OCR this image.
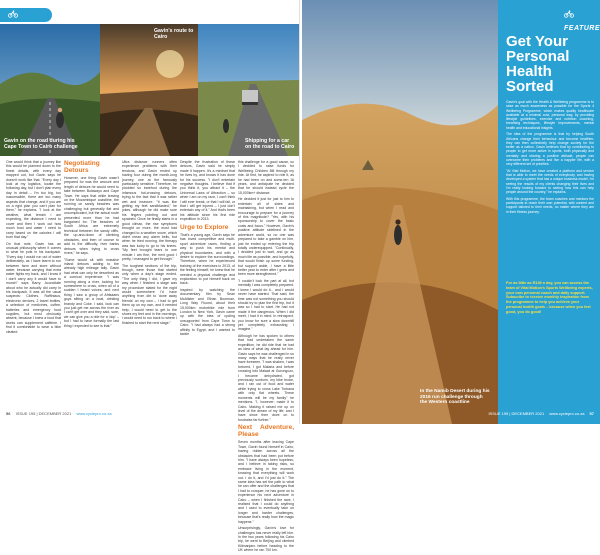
Gavin on the road during his Cape Town to Cairo challenge
Gavin's route to Cairo
Shipping for a car on the road to Cairo

One would think that a journey like this would be planned down to the finest details, with every day mapped out, but Gavin says he doesn't work like that. "Every day I look at my logistics, locate the following day, but I don't plan every day in detail – I'm too big, too inaccessible, there are too many aspects that change, and if you are on a rigid plan you can't plan for them," he explains. "I look at the weather, what terrain I am expecting, the distance I need to cover and then I work out how much food and water I need to carry based on the calories I will burn that day."

On that note, Gavin has an unusual philosophy when it comes to what he puts in his backpack. "Every day I would run out of water deliberately, as I have learnt to run between farm and store without water, because carrying that extra water fights my back, and I know if I don't carry any it would have to munch" says Barry. Aconcitate about who he actually did carry in his backpack. It was all the usual suspects: Clothes, Raffiniaus, electronic devices, 2 travel bottles, a selection of medicines, coffee, batteries and emergency food supplies, but most obviously absent, because I knew a food that works can supplement caffeine. I find it comfortable to wear a bike cleated.

Negotiating Detours

However, one thing Gavin wasn't prepared for was the amount and length of detours he would need to take between Bulawayo and Cape Town. He says that while leaving on the Mozambique coastline, the running on sandy beaches was challenging but generally flat and uncomplicated, but the actual route presented more than he had bargained for. The beaches of South Africa are extremely technical between the sandy cliffs, the up-and-down of climbing obstacles, and then of course to add to the difficulty, river banks detours when trying to cross rivers," he says.

"Some would sit with massive inland detours adding to the already high mileage tally. Gavin had what can only be described as a comical experience. "I was running along a river, looking for somewhere to cross, when all of a sudden I heard voices, and next thing I saw a group of Afrikaans guys sitting on a boat, drinking brandy and Coke. I said, look can you just get me across the river as I can't get over and they said, sure, we can give you a ride for a 'dop' – but I had to have formally the last thing I expected to see is that."

Ultra distance runners often experience problems with their tendons, and Gavin ended up having four during the month-long journey, one at the famously particularly sensitive. Therefore, he plodded so barefoot during the infamous hot-crossing detours, trying to the fact that it was rather wet and insecure. "It was like getting my feet sandblasted," he jokes, although he did make sure his fingers pointing out and sprained. Once he finally starts in a good climax, the rise symptoms brought on more, the most had changed to a weather snore, which didn't mean any alarm bells, but when he tried running, the therapy was two lucky to go to his knees. "My feet brought tears to one minute I am fine, the next good I pretty, I managed to get through."

The toughest sections of the trip, though, were those that started only when a day's stage ended. "The only thing I did, I gave my way when I finished a stage was my procedure stated for the night would somewhere I'd have anything from dirt to 'done away friends' on my own – I had to get them up on my own, and it needed help, I would need to get to the shoes my feet and in the mornings, I would need to run back to where I finished to start the next stage."

Despite the frustration of these detours, Gavin said he simply made it happen. It's a mindset that he lives by, and knows it has done for his success. "I don't entertain negative thoughts. I believe that if you think it, you attract it – the Universal Laws of Attraction – so when I am on my race, I can't think I will ever break, or that I will fail, or that I will get injured – I just don't entertain any of it." And that's been his attitude since his first ride expedition in 2013.

Urge to Explore

That's a young age, Gavin says he has loved competitive and multi-sport adventure races, finding a way to push his mental and physical boundaries, and with a desire to explore the surroundings. Therefore, when he experienced training of the exercises in 2013, of the feeling himself, he knew that he needed a physical challenge and exploration to put himself back on track.

Inspired by watching the documentary film by Sean McAlister and Ethan Boorman, Long Way Round, about their 15,000km motorbike ride from London to New York, Gavin came up with the idea of cycling unsupported from Cape Town to Cairo. "I had always had a strong affinity to Egypt, and I wanted to tackle

this challenge for a good cause, so I decided to raise funds for Wellbeing Children Bill through my ride. At first, he aspired to ride it, as he had been on and some-ten 16 years, and anticipate he decided that he should instead cycle the 15,000km+ distance.

He decided it just for just to him to entertain all of sides and maintaining, but when I read and encourage to prepare for a journey of this magnitude? "Yes, with his sponsorship to cover the basic costs and focus." However, Gavin's positive attitude sidelined in the adventure world, so no one was prepared to take a gamble on him, just he ended up entering the trip totally underequipped. "Continually, I decided just to wait, and go as much life as possible, and hopefully, that would finish up some funding, but support aside, I have a little better year to enter after I grew and been more strengthened."

"I couldn't look the part at all, but mentally I was completely prepared. I knew I would do it... and I would never have started. That said, the time was not something you should should try to plan the first trip, but it was so I had to start. He had not made it the dangerous. When I did meet, I had it in mind. In retrospect, you know for sure a slow downhill yet completely exhausting I imagine."

Although he has spoken to others that had undertaken the same expedition, he did ride that he had an idea of what lay ahead for him. Gavin says he was challenged in so many ways that he really never have foreseen. "I was shaken, I was tortured, I got Malaria and before crossing into Malawi at Gorongozo, I became dehydrated, got previously sunburn, my bike broke, and I ran out of food and water while trying to cross Lake Turkana with only flat wheels. These moments will be my family" he mentions. "I, however: made it to Cairo. Making it raised me up on level of the dream of my life, and I have since then dove on to fundraise far further."

Next Adventure, Please

Seven months after leaving Cape Town, Gavin found himself in Cairo, having ridden across all the obstacles that had been put before him. "I have always been hopeless, and I believe in taking risks, so embrace living in the moment, knowing that everything will work out. I do it, and I'd just do it." The same idea has set the path to what he can offer and the challenges that I had to conquer, he has gone on to experience his next adventure in Cairo – when I finished the race, I realised that I could do anything and I used to eventually take on longer and harder challenges, because that's really how the magic happens."

Unsurprisingly, Gavin's love for challenges has never really left him. In the two years following his Cairo trip, he went to Beijing and climbed Kilimanjaro before heading to the UK where he ran 700 km.

56 ISSUE 195 | DECEMBER 2021 www.cyclepro.co.za
In the Namib Desert during his 2016 run challenge through the Western coastline
FEATURE
Get Your Personal Health Sorted

Gavin's goal with the Health & Wellbeing programme is to raise as much awareness as possible for the Sports 4 Wellbeing Programme, which makes quality healthcare available at a minimal cost, personal way, by providing lifestyle guidelines, exercise and nutrition coaching, breathing techniques, lifestyle improvements, mental health and educational insights.

The idea of the programme is that by helping South Africans change their behaviour and become healthier, they can then collectively help change society for the better as a nation. Gavin believes that by contributing to people to get more active in sports, both physically and mentally and sharing a positive attitude, people can overcome their problems and live a happier life, with a very different set of priorities.

"At Vital Motion, we have created a platform and service that is able to meet the needs of everybody, and having developed a system that has a unique business model, I'm seeing the results of my clients changing their lives and I'm really looking forward to seeing how this can help people around the country," he explains.

With this programme, the team coaches and mentors the participants to reach their own potential, with content and support tailored to their needs, no matter where they are in their fitness journey.

For as little as R149 a day, you can access the team of Vital Motion's Sports Wellbeing experts, your own personal coach and daily support. Subscribe to receive monthly inspiration from the programme to help you achieve your personal health goals – because when you feel good, you do good!
ISSUE 195 | DECEMBER 2021 www.cyclepro.co.za 57
